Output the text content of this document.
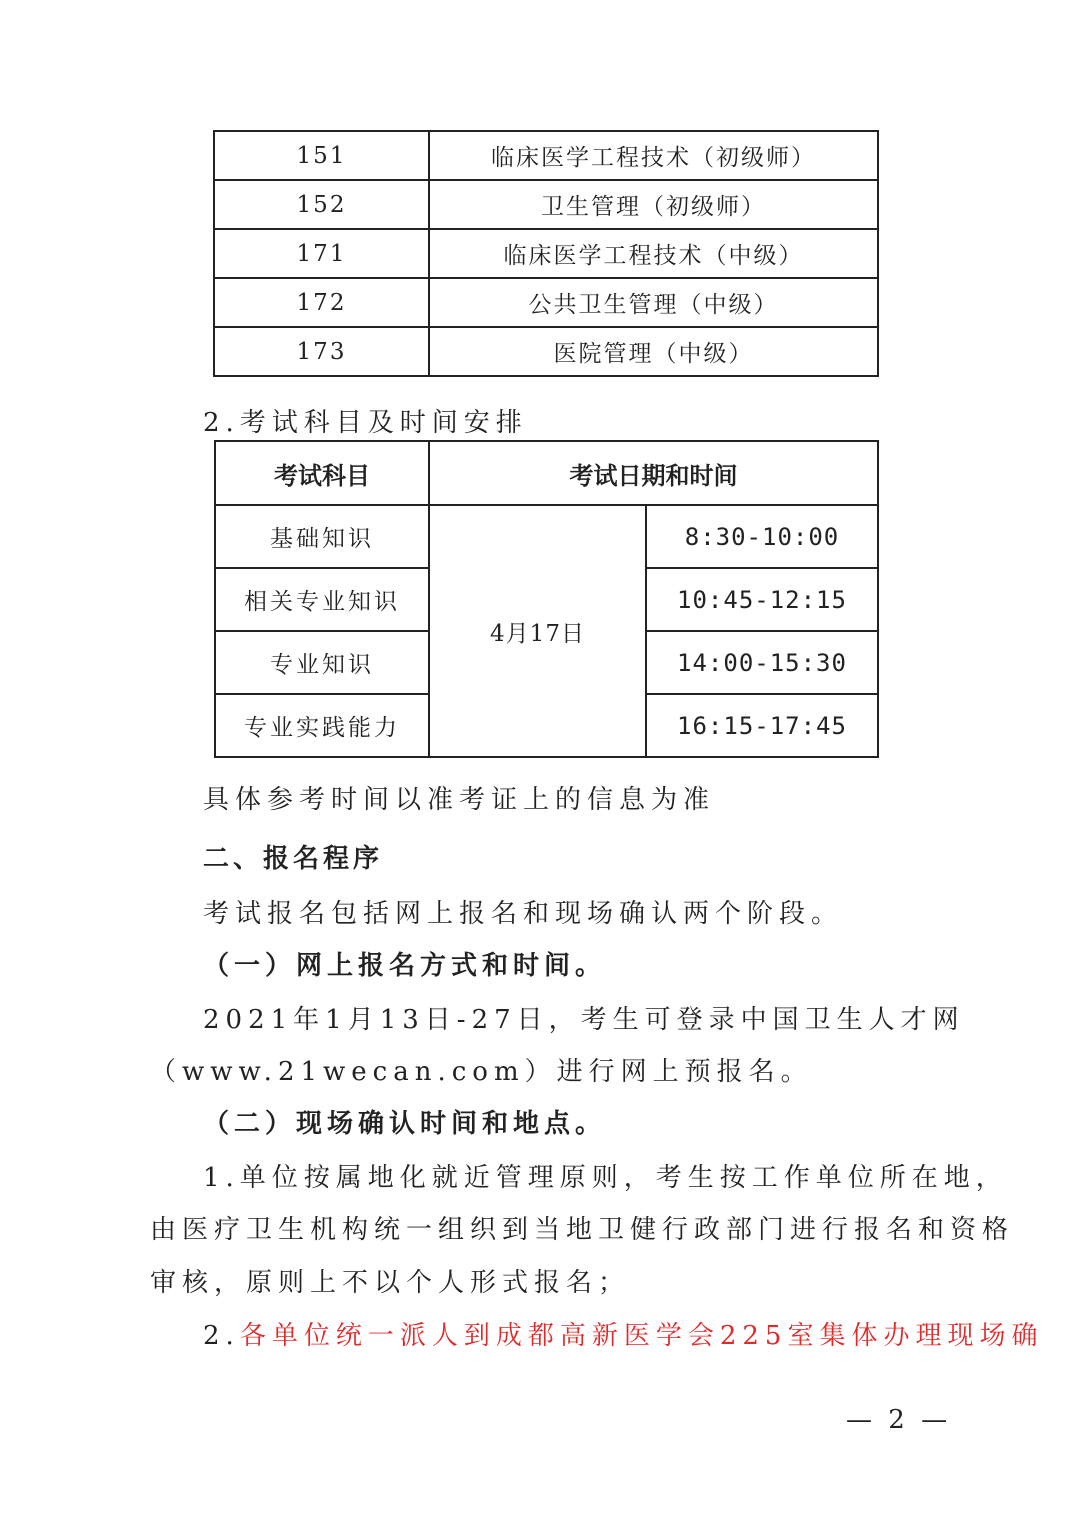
151	临床医学工程技术（初级师）
152	卫生管理（初级师）
171	临床医学工程技术（中级）
172	公共卫生管理（中级）
173	医院管理（中级）
2.考试科目及时间安排
考试科目	考试日期和时间	
基础知识	4月17日	8:30-10:00
相关专业知识		10:45-12:15
专业知识		14:00-15:30
专业实践能力		16:15-17:45
具体参考时间以准考证上的信息为准
二、报名程序
考试报名包括网上报名和现场确认两个阶段。
（一）网上报名方式和时间。
2021年1月13日-27日，考生可登录中国卫生人才网
（www.21wecan.com）进行网上预报名。
（二）现场确认时间和地点。
1.单位按属地化就近管理原则，考生按工作单位所在地，
由医疗卫生机构统一组织到当地卫健行政部门进行报名和资格
审核，原则上不以个人形式报名；
2.各单位统一派人到成都高新医学会225室集体办理现场确
— 2 —
